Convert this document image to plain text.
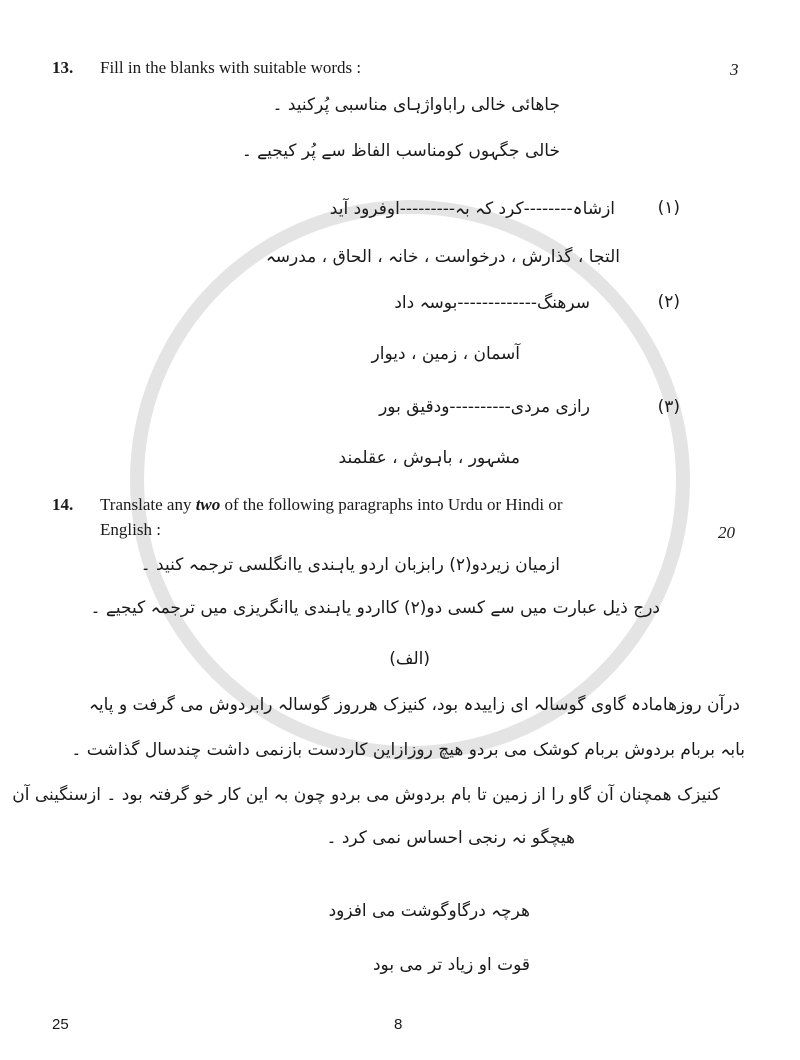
13. Fill in the blanks with suitable words :	3
جاھائی خالی راباواژہای مناسبی پُرکنید ۔
خالی جگہوں کومناسب الفاظ سے پُر کیجیے ۔
(۱)
ازشاہ--------کرد کہ بہ---------اوفرود آید
التجا ، گذارش ، درخواست ، خانہ ، الحاق ، مدرسہ
(۲)
سرھنگ-------------بوسہ داد
آسمان ، زمین ، دیوار
(۳)
رازی مردی----------ودقیق بور
مشہور ، باہوش ، عقلمند
14. Translate any two of the following paragraphs into Urdu or Hindi or
English :	20
ازمیان زیردو(۲) رابزبان اردو یاہندی یاانگلسی ترجمہ کنید ۔
درج ذیل عبارت میں سے کسی دو(۲) کااردو یاہندی یاانگریزی میں ترجمہ کیجیے ۔
(الف)
درآن روزھامادہ گاوی گوسالہ ای زاییدہ بود، کنیزک ھرروز گوسالہ رابردوش می گرفت و پایہ
بابہ بربام بردوش بربام کوشک می بردو ھیچ روزازاین کاردست بازنمی داشت چندسال گذاشت ۔
کنیزک ھمچنان آن گاو را از زمین تا بام بردوش می بردو چون بہ این کار خو گرفتہ بود ۔ ازسنگینی آن
ھیچگو نہ رنجی احساس نمی کرد ۔
ھرچہ درگاوگوشت می افزود
قوت او زیاد تر می بود
25	8
